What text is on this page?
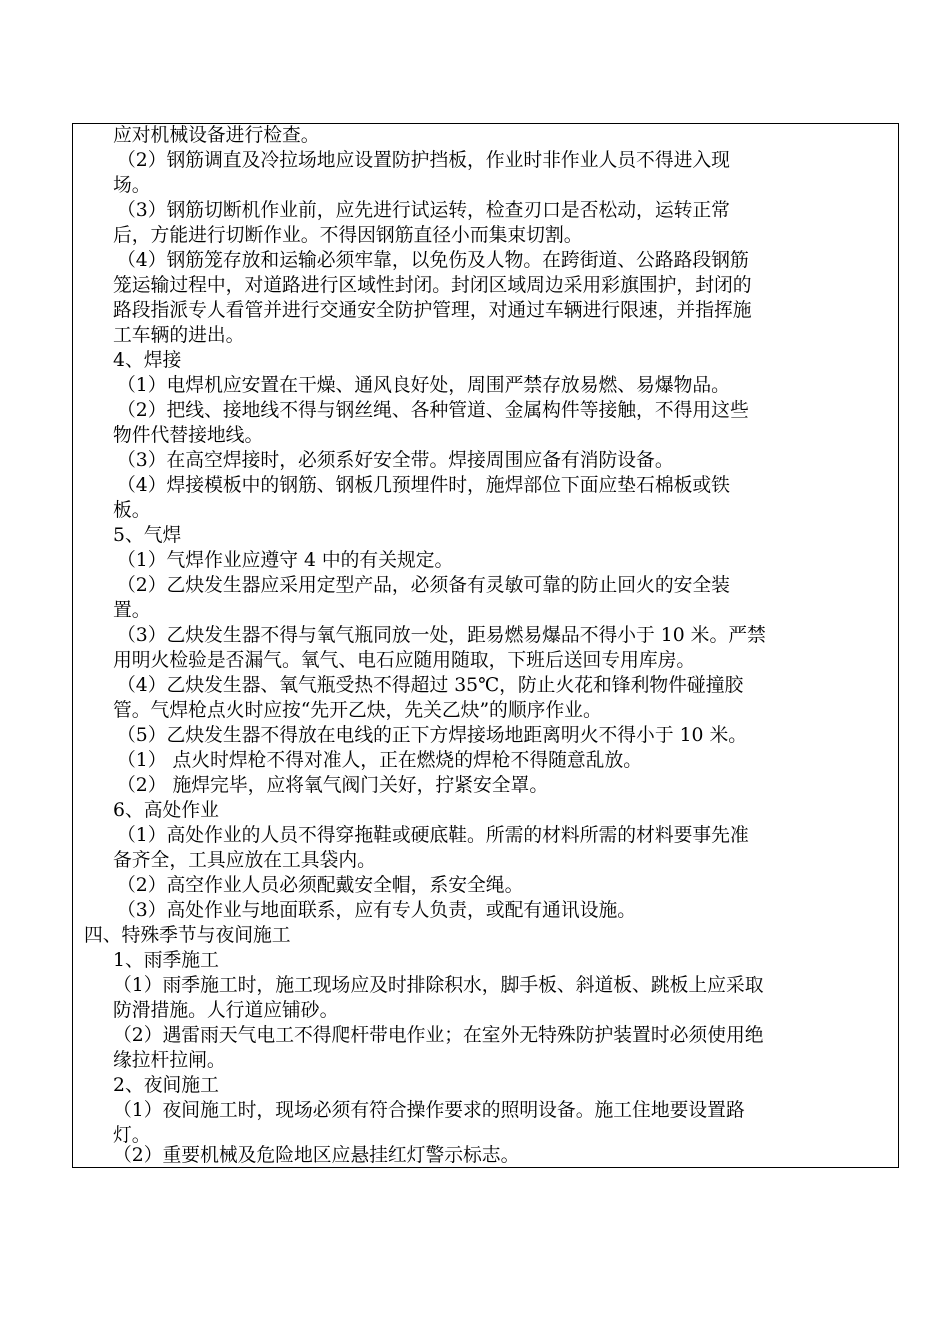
应对机械设备进行检查。
（2）钢筋调直及冷拉场地应设置防护挡板，作业时非作业人员不得进入现
场。
（3）钢筋切断机作业前，应先进行试运转，检查刃口是否松动，运转正常
后，方能进行切断作业。不得因钢筋直径小而集束切割。
（4）钢筋笼存放和运输必须牢靠，以免伤及人物。在跨街道、公路路段钢筋
笼运输过程中，对道路进行区域性封闭。封闭区域周边采用彩旗围护，封闭的
路段指派专人看管并进行交通安全防护管理，对通过车辆进行限速，并指挥施
工车辆的进出。
4、焊接
（1）电焊机应安置在干燥、通风良好处，周围严禁存放易燃、易爆物品。
（2）把线、接地线不得与钢丝绳、各种管道、金属构件等接触，不得用这些
物件代替接地线。
（3）在高空焊接时，必须系好安全带。焊接周围应备有消防设备。
（4）焊接模板中的钢筋、钢板几预埋件时，施焊部位下面应垫石棉板或铁
板。
5、气焊
（1）气焊作业应遵守 4 中的有关规定。
（2）乙炔发生器应采用定型产品，必须备有灵敏可靠的防止回火的安全装
置。
（3）乙炔发生器不得与氧气瓶同放一处，距易燃易爆品不得小于 10 米。严禁
用明火检验是否漏气。氧气、电石应随用随取，下班后送回专用库房。
（4）乙炔发生器、氧气瓶受热不得超过 35℃，防止火花和锋利物件碰撞胶
管。气焊枪点火时应按“先开乙炔，先关乙炔”的顺序作业。
（5）乙炔发生器不得放在电线的正下方焊接场地距离明火不得小于 10 米。
（1） 点火时焊枪不得对准人，正在燃烧的焊枪不得随意乱放。
（2） 施焊完毕，应将氧气阀门关好，拧紧安全罩。
6、高处作业
（1）高处作业的人员不得穿拖鞋或硬底鞋。所需的材料所需的材料要事先准
备齐全，工具应放在工具袋内。
（2）高空作业人员必须配戴安全帽，系安全绳。
（3）高处作业与地面联系，应有专人负责，或配有通讯设施。
四、特殊季节与夜间施工
1、雨季施工
（1）雨季施工时，施工现场应及时排除积水，脚手板、斜道板、跳板上应采取
防滑措施。人行道应铺砂。
（2）遇雷雨天气电工不得爬杆带电作业；在室外无特殊防护装置时必须使用绝
缘拉杆拉闸。
2、夜间施工
（1）夜间施工时，现场必须有符合操作要求的照明设备。施工住地要设置路
灯。
（2）重要机械及危险地区应悬挂红灯警示标志。
